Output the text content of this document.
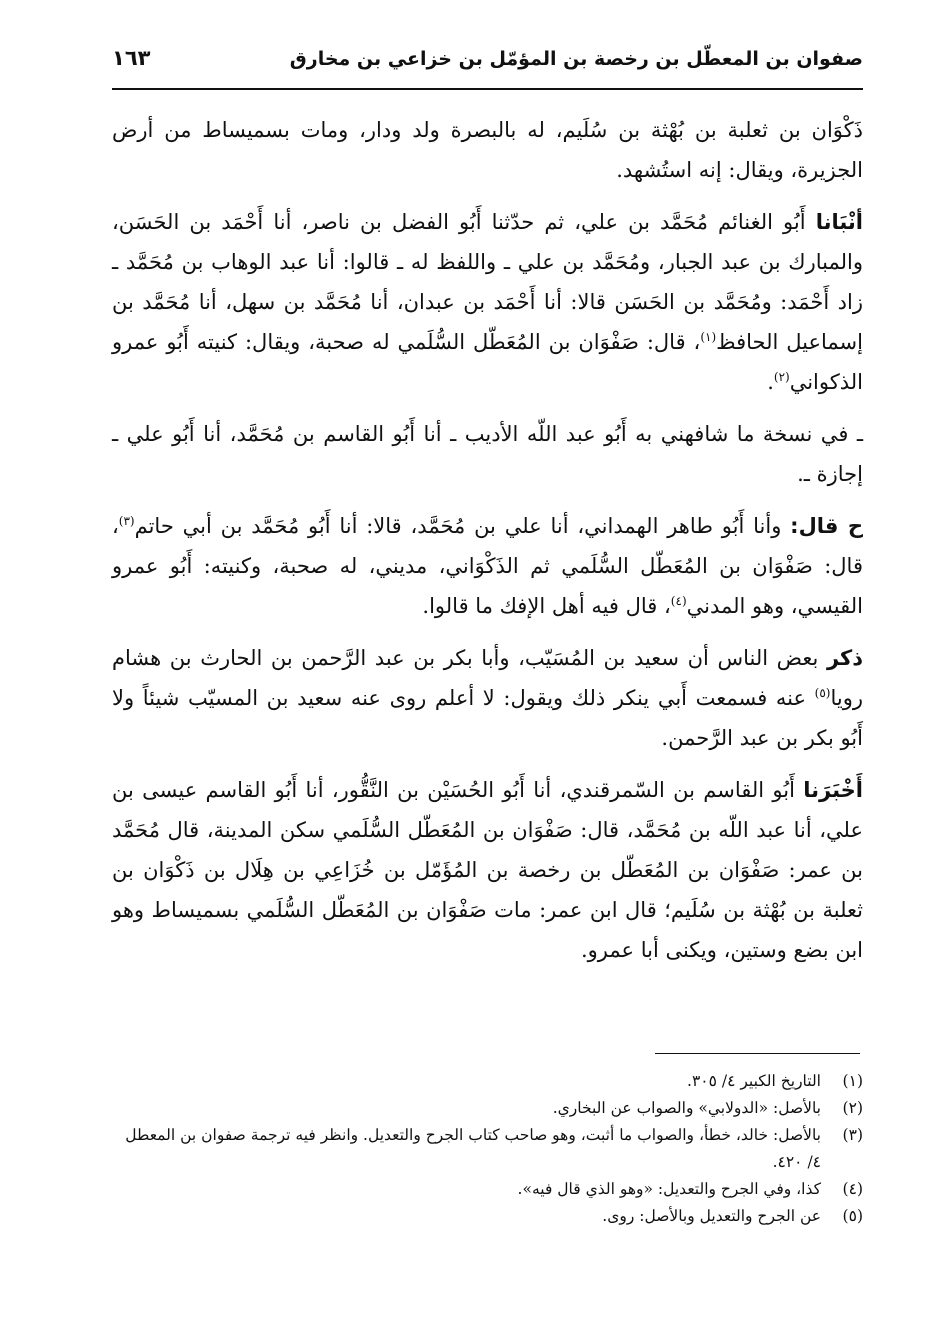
صفوان بن المعطّل بن رخصة بن المؤمّل بن خزاعي بن مخارق
١٦٣

ذَكْوَان بن ثعلبة بن بُهْثة بن سُلَيم، له بالبصرة ولد ودار، ومات بسميساط من أرض الجزيرة، ويقال: إنه استُشهد.

أنْبَانا أَبُو الغنائم مُحَمَّد بن علي، ثم حدّثنا أَبُو الفضل بن ناصر، أنا أَحْمَد بن الحَسَن، والمبارك بن عبد الجبار، ومُحَمَّد بن علي ـ واللفظ له ـ قالوا: أنا عبد الوهاب بن مُحَمَّد ـ زاد أَحْمَد: ومُحَمَّد بن الحَسَن قالا: أنا أَحْمَد بن عبدان، أنا مُحَمَّد بن سهل، أنا مُحَمَّد بن إسماعيل الحافظ$^{(١)}$، قال: صَفْوَان بن المُعَطّل السُّلَمي له صحبة، ويقال: كنيته أَبُو عمرو الذكواني$^{(٢)}$.

ـ في نسخة ما شافهني به أَبُو عبد اللّه الأديب ـ أنا أَبُو القاسم بن مُحَمَّد، أنا أَبُو علي ـ إجازة ـ.

ح قال: وأنا أَبُو طاهر الهمداني، أنا علي بن مُحَمَّد، قالا: أنا أَبُو مُحَمَّد بن أبي حاتم$^{(٣)}$، قال: صَفْوَان بن المُعَطّل السُّلَمي ثم الذَكْوَاني، مديني، له صحبة، وكنيته: أَبُو عمرو القيسي، وهو المدني$^{(٤)}$، قال فيه أهل الإفك ما قالوا.

ذكر بعض الناس أن سعيد بن المُسَيّب، وأبا بكر بن عبد الرَّحمن بن الحارث بن هشام رويا$^{(٥)}$ عنه فسمعت أَبي ينكر ذلك ويقول: لا أعلم روى عنه سعيد بن المسيّب شيئاً ولا أَبُو بكر بن عبد الرَّحمن.

أَخْبَرَنا أَبُو القاسم بن السّمرقندي، أنا أَبُو الحُسَيْن بن النَّقُّور، أنا أَبُو القاسم عيسى بن علي، أنا عبد اللّه بن مُحَمَّد، قال: صَفْوَان بن المُعَطّل السُّلَمي سكن المدينة، قال مُحَمَّد بن عمر: صَفْوَان بن المُعَطّل بن رخصة بن المُؤَمّل بن خُزَاعِي بن هِلَال بن ذَكْوَان بن ثعلبة بن بُهْثة بن سُلَيم؛ قال ابن عمر: مات صَفْوَان بن المُعَطّل السُّلَمي بسميساط وهو ابن بضع وستين، ويكنى أبا عمرو.

(١)
التاريخ الكبير ٤/ ٣٠٥.
(٢)
بالأصل: «الدولابي» والصواب عن البخاري.
(٣)
بالأصل: خالد، خطأ، والصواب ما أثبت، وهو صاحب كتاب الجرح والتعديل. وانظر فيه ترجمة صفوان بن المعطل ٤/ ٤٢٠.
(٤)
كذا، وفي الجرح والتعديل: «وهو الذي قال فيه».
(٥)
عن الجرح والتعديل وبالأصل: روى.
